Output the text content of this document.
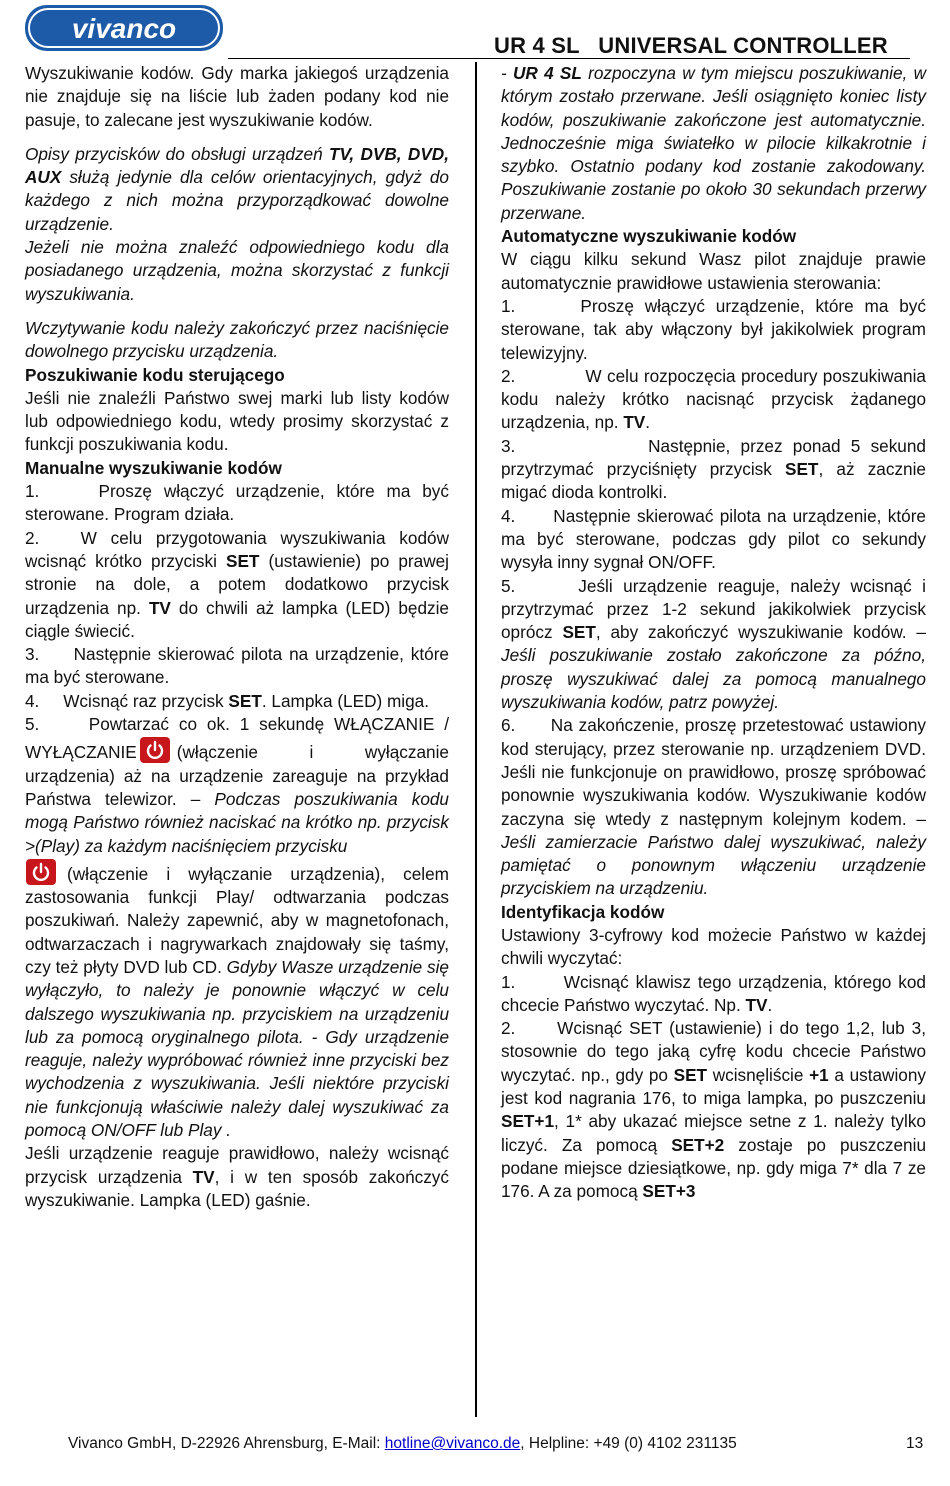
vivanco
UR 4 SL   UNIVERSAL CONTROLLER

Wyszukiwanie kodów. Gdy marka jakiegoś urządzenia nie znajduje się na liście lub żaden podany kod nie pasuje, to zalecane jest wyszukiwanie kodów.

Opisy przycisków do obsługi urządzeń TV, DVB, DVD, AUX służą jedynie dla celów orientacyjnych, gdyż do każdego z nich można przyporządkować dowolne urządzenie.

Jeżeli nie można znaleźć odpowiedniego kodu dla posiadanego urządzenia, można skorzystać z funkcji wyszukiwania.

Wczytywanie kodu należy zakończyć przez naciśnięcie dowolnego przycisku urządzenia.

Poszukiwanie kodu sterującego

Jeśli nie znaleźli Państwo swej marki lub listy kodów lub odpowiedniego kodu, wtedy prosimy skorzystać z funkcji poszukiwania kodu.

Manualne wyszukiwanie kodów

1.     Proszę włączyć urządzenie, które ma być sterowane. Program działa.

2.   W celu przygotowania wyszukiwania kodów wcisnąć krótko przyciski SET (ustawienie) po prawej stronie na dole, a potem dodatkowo przycisk urządzenia np. TV do chwili aż lampka (LED) będzie ciągle świecić.

3.     Następnie skierować pilota na urządzenie, które ma być sterowane.

4.     Wcisnąć raz przycisk SET. Lampka (LED) miga.

5.     Powtarzać co ok. 1 sekundę WŁĄCZANIE / WYŁĄCZANIE (włączenie i wyłączanie urządzenia) aż na urządzenie zareaguje na przykład Państwa telewizor. – Podczas poszukiwania kodu mogą Państwo również naciskać na krótko np. przycisk >(Play) za każdym naciśnięciem przycisku
(włączenie i wyłączanie urządzenia), celem zastosowania funkcji Play/ odtwarzania podczas poszukiwań. Należy zapewnić, aby w magnetofonach, odtwarzaczach i nagrywarkach znajdowały się taśmy, czy też płyty DVD lub CD. Gdyby Wasze urządzenie się wyłączyło, to należy je ponownie włączyć w celu dalszego wyszukiwania np. przyciskiem na urządzeniu lub za pomocą oryginalnego pilota. - Gdy urządzenie reaguje, należy wypróbować również inne przyciski bez wychodzenia z wyszukiwania. Jeśli niektóre przyciski nie funkcjonują właściwie należy dalej wyszukiwać za pomocą ON/OFF lub Play .

Jeśli urządzenie reaguje prawidłowo, należy wcisnąć przycisk urządzenia TV, i w ten sposób zakończyć wyszukiwanie. Lampka (LED) gaśnie.

- UR 4 SL rozpoczyna w tym miejscu poszukiwanie, w którym zostało przerwane. Jeśli osiągnięto koniec listy kodów, poszukiwanie zakończone jest automatycznie. Jednocześnie miga światełko w pilocie kilkakrotnie i szybko. Ostatnio podany kod zostanie zakodowany. Poszukiwanie zostanie po około 30 sekundach przerwy przerwane.

Automatyczne wyszukiwanie kodów

W ciągu kilku sekund Wasz pilot znajduje prawie automatycznie prawidłowe ustawienia sterowania:

1.      Proszę włączyć urządzenie, które ma być sterowane, tak aby włączony był jakikolwiek program telewizyjny.

2.             W celu rozpoczęcia procedury poszukiwania kodu należy krótko nacisnąć przycisk żądanego urządzenia, np. TV.

3.             Następnie, przez ponad 5 sekund przytrzymać przyciśnięty przycisk SET, aż zacznie migać dioda kontrolki.

4.      Następnie skierować pilota na urządzenie, które ma być sterowane, podczas gdy pilot co sekundy wysyła inny sygnał ON/OFF.

5.      Jeśli urządzenie reaguje, należy wcisnąć i przytrzymać przez 1-2 sekund jakikolwiek przycisk oprócz SET, aby zakończyć wyszukiwanie kodów. – Jeśli poszukiwanie zostało zakończone za późno, proszę wyszukiwać dalej za pomocą manualnego wyszukiwania kodów, patrz powyżej.

6.      Na zakończenie, proszę przetestować ustawiony kod sterujący, przez sterowanie np. urządzeniem DVD. Jeśli nie funkcjonuje on prawidłowo, proszę spróbować ponownie wyszukiwania kodów. Wyszukiwanie kodów zaczyna się wtedy z następnym kolejnym kodem. – Jeśli zamierzacie Państwo dalej wyszukiwać, należy pamiętać o ponownym włączeniu urządzenie przyciskiem na urządzeniu.

Identyfikacja kodów

Ustawiony 3-cyfrowy kod możecie Państwo w każdej chwili wyczytać:

1.       Wcisnąć klawisz tego urządzenia, którego kod chcecie Państwo wyczytać. Np. TV.

2.      Wcisnąć SET (ustawienie) i do tego 1,2, lub 3, stosownie do tego jaką cyfrę kodu chcecie Państwo wyczytać. np., gdy po SET wcisnęliście +1 a ustawiony jest kod nagrania 176, to miga lampka, po puszczeniu SET+1, 1* aby ukazać miejsce setne z 1. należy tylko liczyć. Za pomocą SET+2 zostaje po puszczeniu podane miejsce dziesiątkowe, np. gdy miga 7* dla 7 ze 176. A za pomocą SET+3

Vivanco GmbH, D-22926 Ahrensburg, E-Mail: hotline@vivanco.de, Helpline: +49 (0) 4102 231135	13
